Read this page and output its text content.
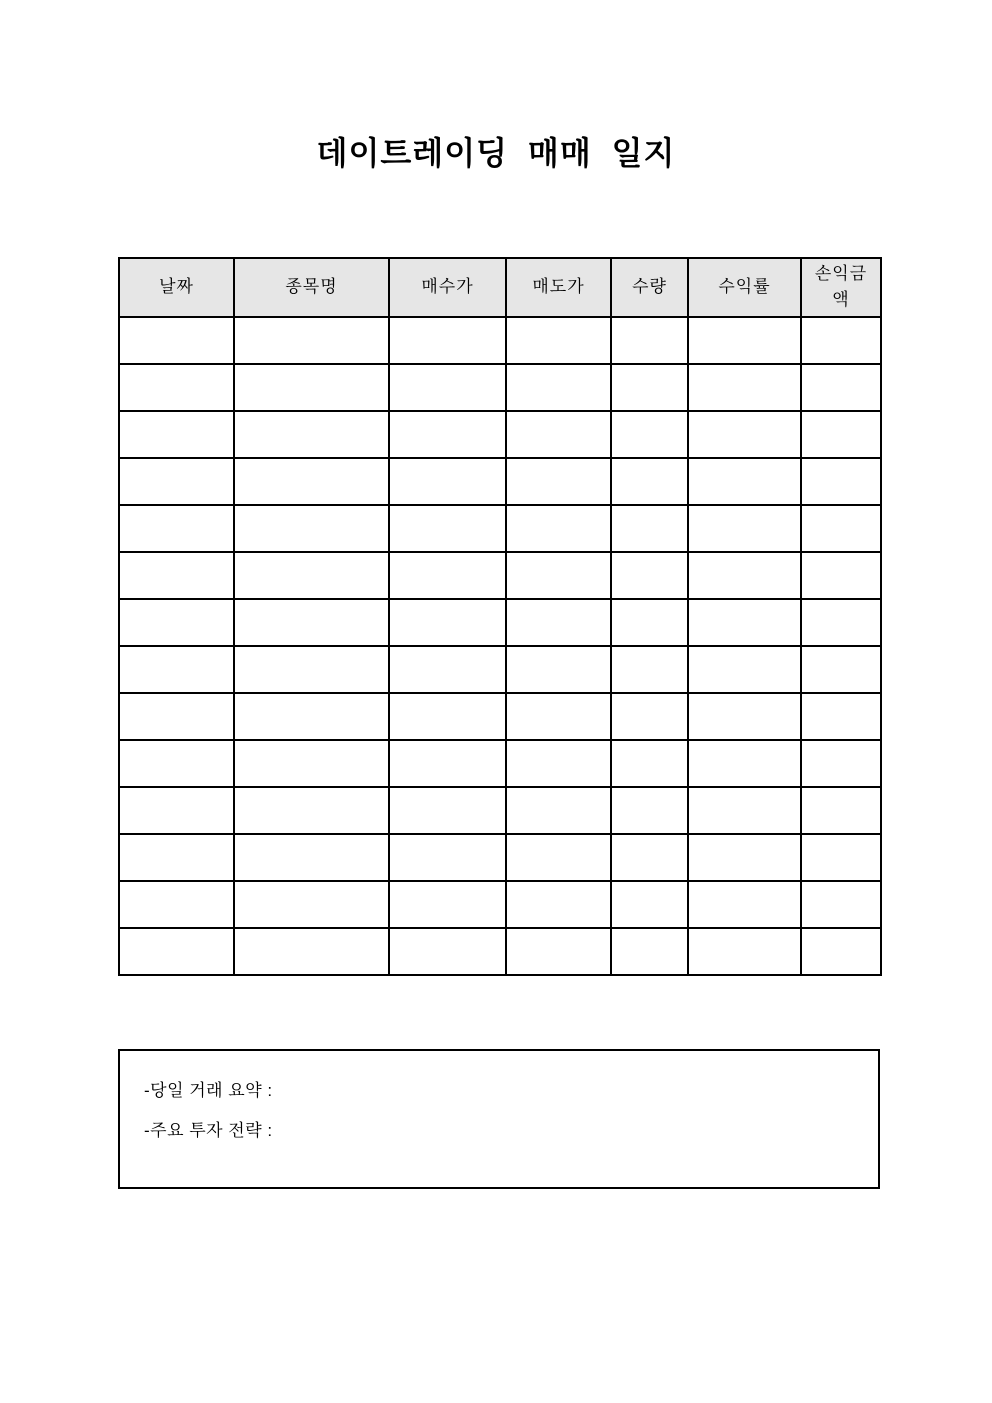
데이트레이딩 매매 일지
날짜	종목명	매수가	매도가	수량	수익률	손익금액

-당일 거래 요약 :

-주요 투자 전략 :
